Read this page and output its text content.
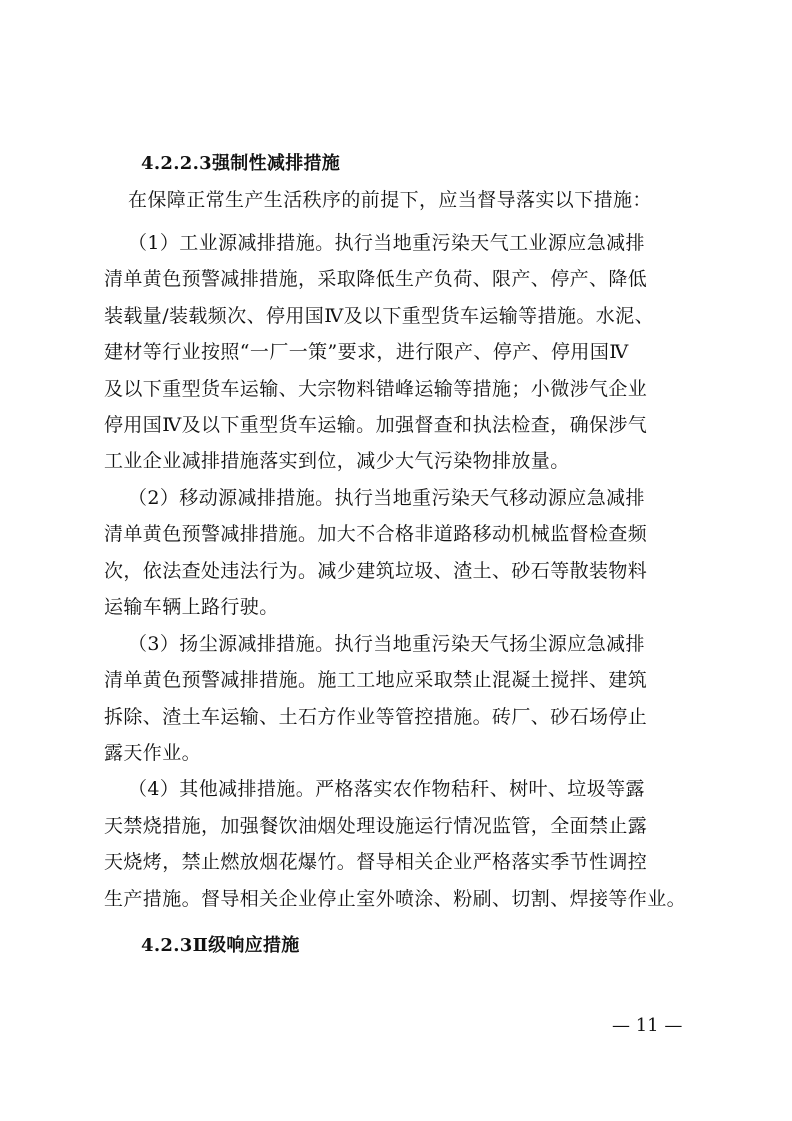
4.2.2.3强制性减排措施
在保障正常生产生活秩序的前提下，应当督导落实以下措施：
（1）工业源减排措施。执行当地重污染天气工业源应急减排
清单黄色预警减排措施，采取降低生产负荷、限产、停产、降低
装载量/装载频次、停用国Ⅳ及以下重型货车运输等措施。水泥、
建材等行业按照“一厂一策”要求，进行限产、停产、停用国Ⅳ
及以下重型货车运输、大宗物料错峰运输等措施；小微涉气企业
停用国Ⅳ及以下重型货车运输。加强督查和执法检查，确保涉气
工业企业减排措施落实到位，减少大气污染物排放量。
（2）移动源减排措施。执行当地重污染天气移动源应急减排
清单黄色预警减排措施。加大不合格非道路移动机械监督检查频
次，依法查处违法行为。减少建筑垃圾、渣土、砂石等散装物料
运输车辆上路行驶。
（3）扬尘源减排措施。执行当地重污染天气扬尘源应急减排
清单黄色预警减排措施。施工工地应采取禁止混凝土搅拌、建筑
拆除、渣土车运输、土石方作业等管控措施。砖厂、砂石场停止
露天作业。
（4）其他减排措施。严格落实农作物秸秆、树叶、垃圾等露
天禁烧措施，加强餐饮油烟处理设施运行情况监管，全面禁止露
天烧烤，禁止燃放烟花爆竹。督导相关企业严格落实季节性调控
生产措施。督导相关企业停止室外喷涂、粉刷、切割、焊接等作业。
4.2.3Ⅱ级响应措施
— 11 —
